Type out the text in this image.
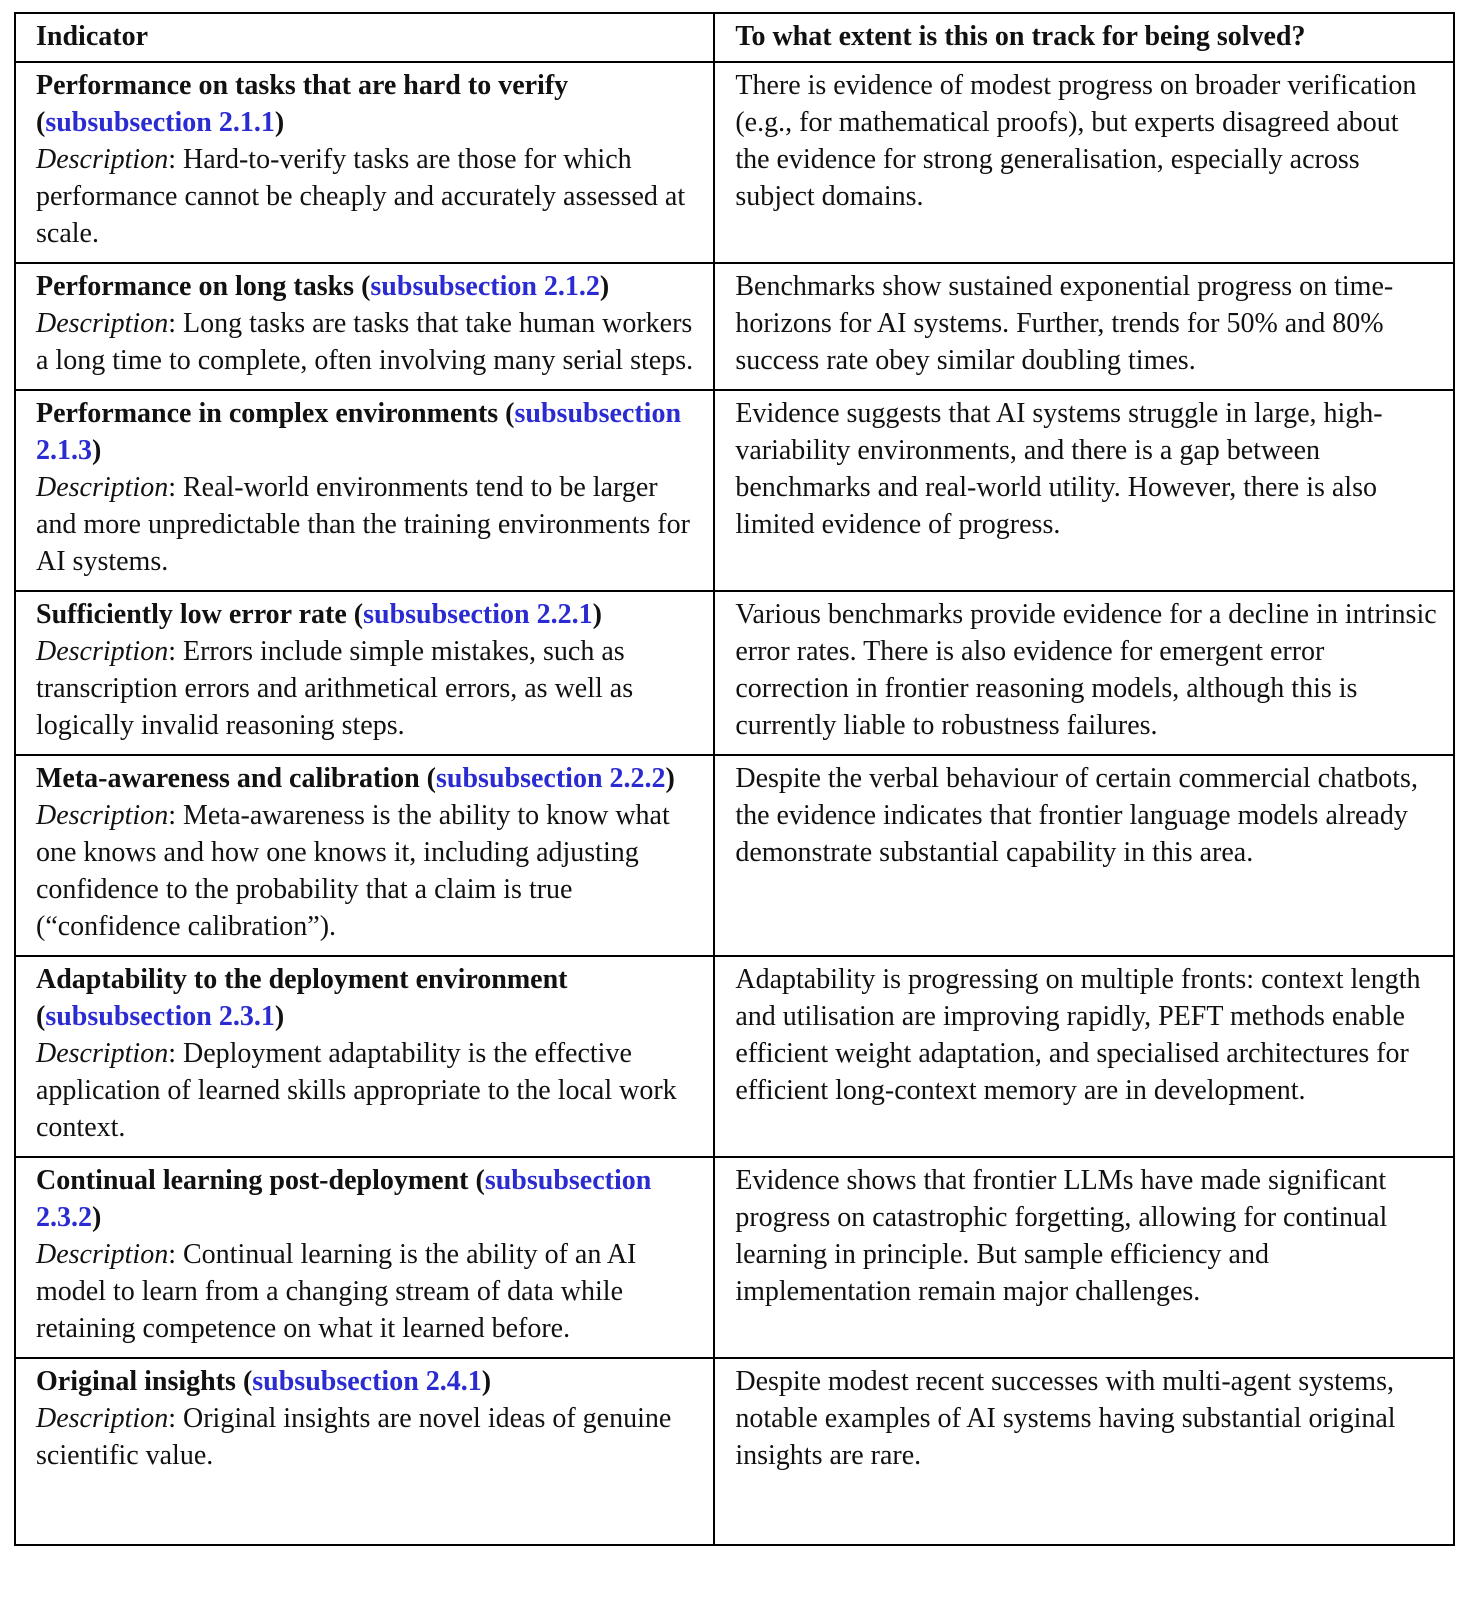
Indicator	To what extent is this on track for being solved?

Performance on tasks that are hard to verify (subsubsection 2.1.1)
Description: Hard-to-verify tasks are those for which performance cannot be cheaply and accurately assessed at scale.	There is evidence of modest progress on broader verification (e.g., for mathematical proofs), but experts disagreed about the evidence for strong generalisation, especially across subject domains.

Performance on long tasks (subsubsection 2.1.2)
Description: Long tasks are tasks that take human workers a long time to complete, often involving many serial steps.	Benchmarks show sustained exponential progress on time-horizons for AI systems. Further, trends for 50% and 80% success rate obey similar doubling times.

Performance in complex environments (subsubsection 2.1.3)
Description: Real-world environments tend to be larger and more unpredictable than the training environments for AI systems.	Evidence suggests that AI systems struggle in large, high-variability environments, and there is a gap between benchmarks and real-world utility. However, there is also limited evidence of progress.

Sufficiently low error rate (subsubsection 2.2.1)
Description: Errors include simple mistakes, such as transcription errors and arithmetical errors, as well as logically invalid reasoning steps.	Various benchmarks provide evidence for a decline in intrinsic error rates. There is also evidence for emergent error correction in frontier reasoning models, although this is currently liable to robustness failures.

Meta-awareness and calibration (subsubsection 2.2.2)
Description: Meta-awareness is the ability to know what one knows and how one knows it, including adjusting confidence to the probability that a claim is true (“confidence calibration”).	Despite the verbal behaviour of certain commercial chatbots, the evidence indicates that frontier language models already demonstrate substantial capability in this area.

Adaptability to the deployment environment (subsubsection 2.3.1)
Description: Deployment adaptability is the effective application of learned skills appropriate to the local work context.	Adaptability is progressing on multiple fronts: context length and utilisation are improving rapidly, PEFT methods enable efficient weight adaptation, and specialised architectures for efficient long-context memory are in development.

Continual learning post-deployment (subsubsection 2.3.2)
Description: Continual learning is the ability of an AI model to learn from a changing stream of data while retaining competence on what it learned before.
	Evidence shows that frontier LLMs have made significant progress on catastrophic forgetting, allowing for continual learning in principle. But sample efficiency and implementation remain major challenges.

Original insights (subsubsection 2.4.1)
Description: Original insights are novel ideas of genuine scientific value.	Despite modest recent successes with multi-agent systems, notable examples of AI systems having substantial original insights are rare.
